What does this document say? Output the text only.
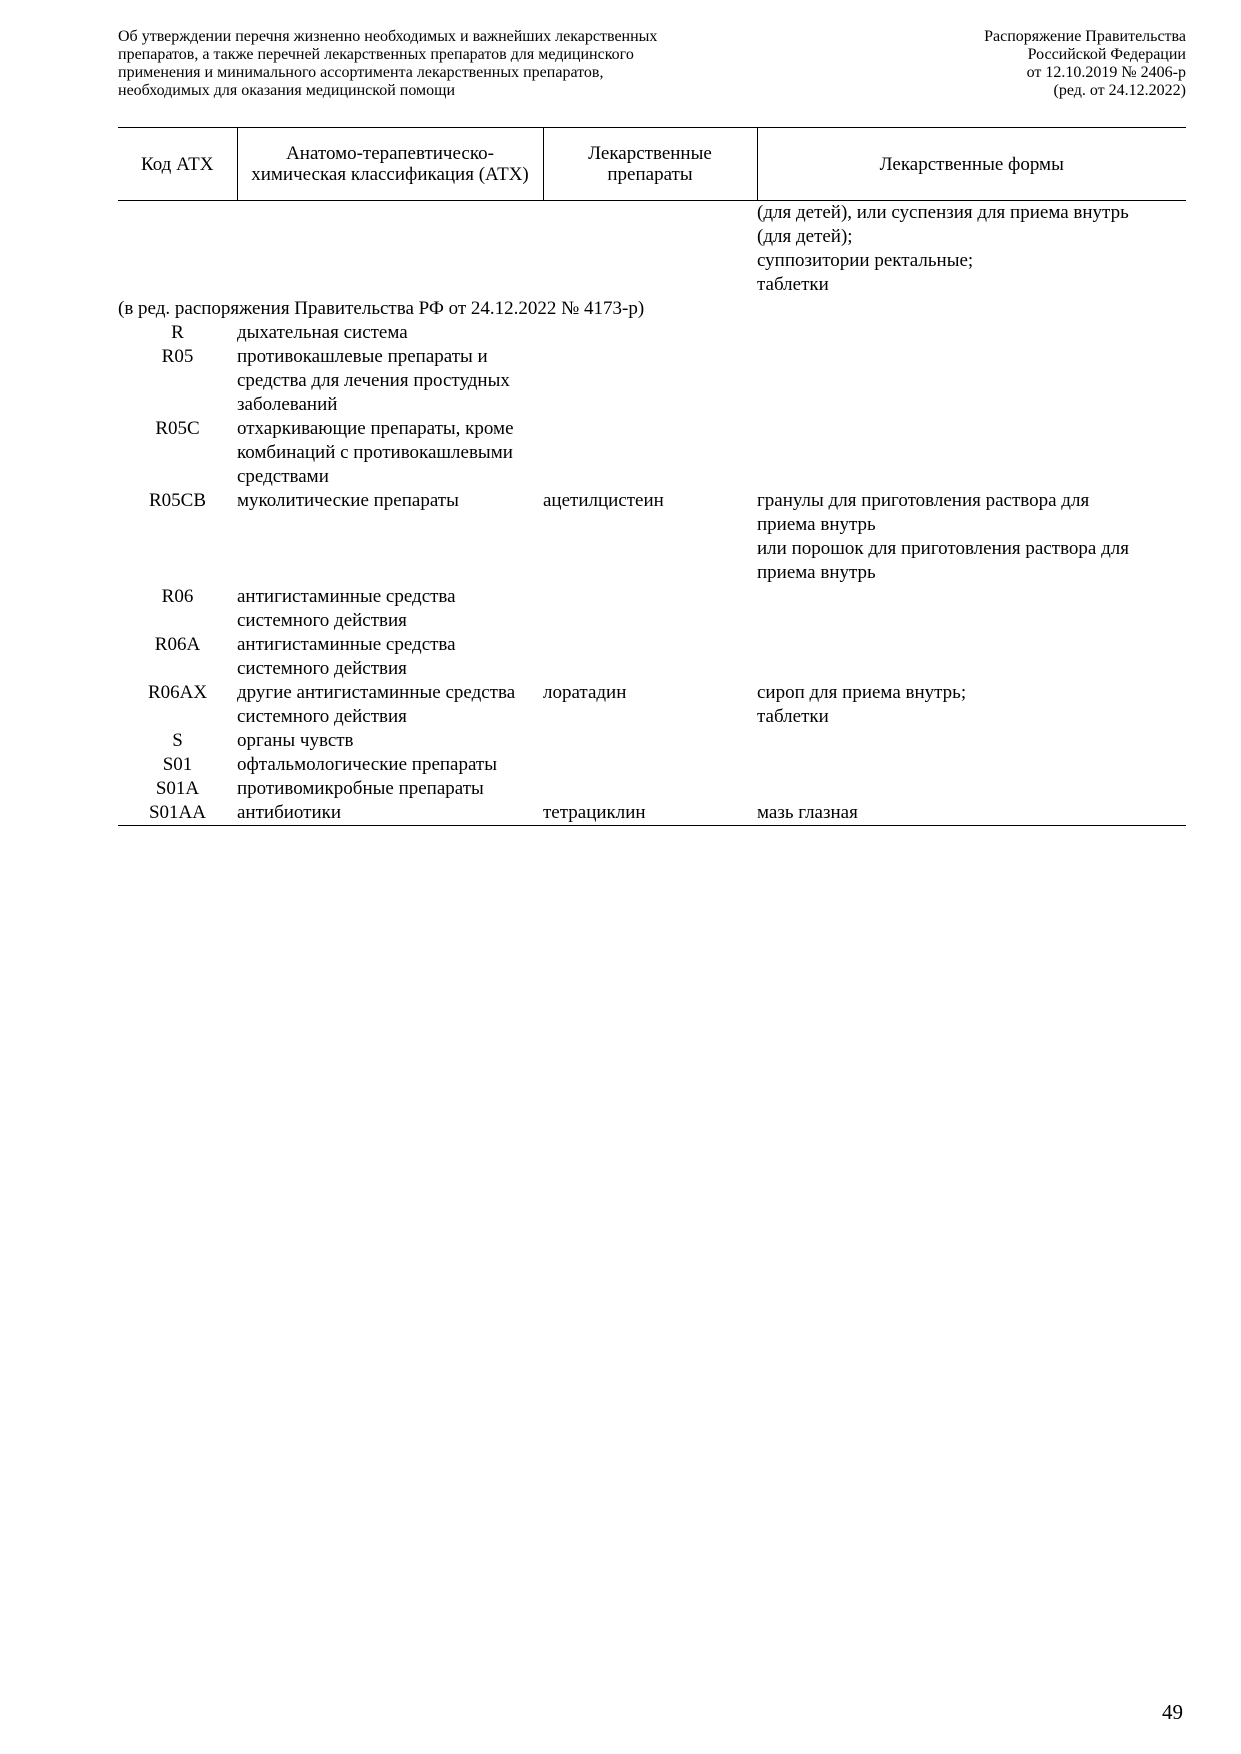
Об утверждении перечня жизненно необходимых и важнейших лекарственных
препаратов, а также перечней лекарственных препаратов для медицинского
применения и минимального ассортимента лекарственных препаратов,
необходимых для оказания медицинской помощи
Распоряжение Правительства
Российской Федерации
от 12.10.2019 № 2406-р
(ред. от 24.12.2022)
Код АТХ	Анатомо-терапевтическо-химическая классификация (АТХ)	Лекарственные препараты	Лекарственные формы
			(для детей), или суспензия для приема внутрь
(для детей);
суппозитории ректальные;
таблетки
(в ред. распоряжения Правительства РФ от 24.12.2022 № 4173-р)			
R	дыхательная система		
R05	противокашлевые препараты и
средства для лечения простудных
заболеваний		
R05C	отхаркивающие препараты, кроме
комбинаций с противокашлевыми
средствами		
R05CB	муколитические препараты	ацетилцистеин	гранулы для приготовления раствора для
приема внутрь
или порошок для приготовления раствора для
приема внутрь
R06	антигистаминные средства
системного действия		
R06A	антигистаминные средства
системного действия		
R06AX	другие антигистаминные средства
системного действия	лоратадин	сироп для приема внутрь;
таблетки
S	органы чувств		
S01	офтальмологические препараты		
S01A	противомикробные препараты		
S01AA	антибиотики	тетрациклин	мазь глазная
49
